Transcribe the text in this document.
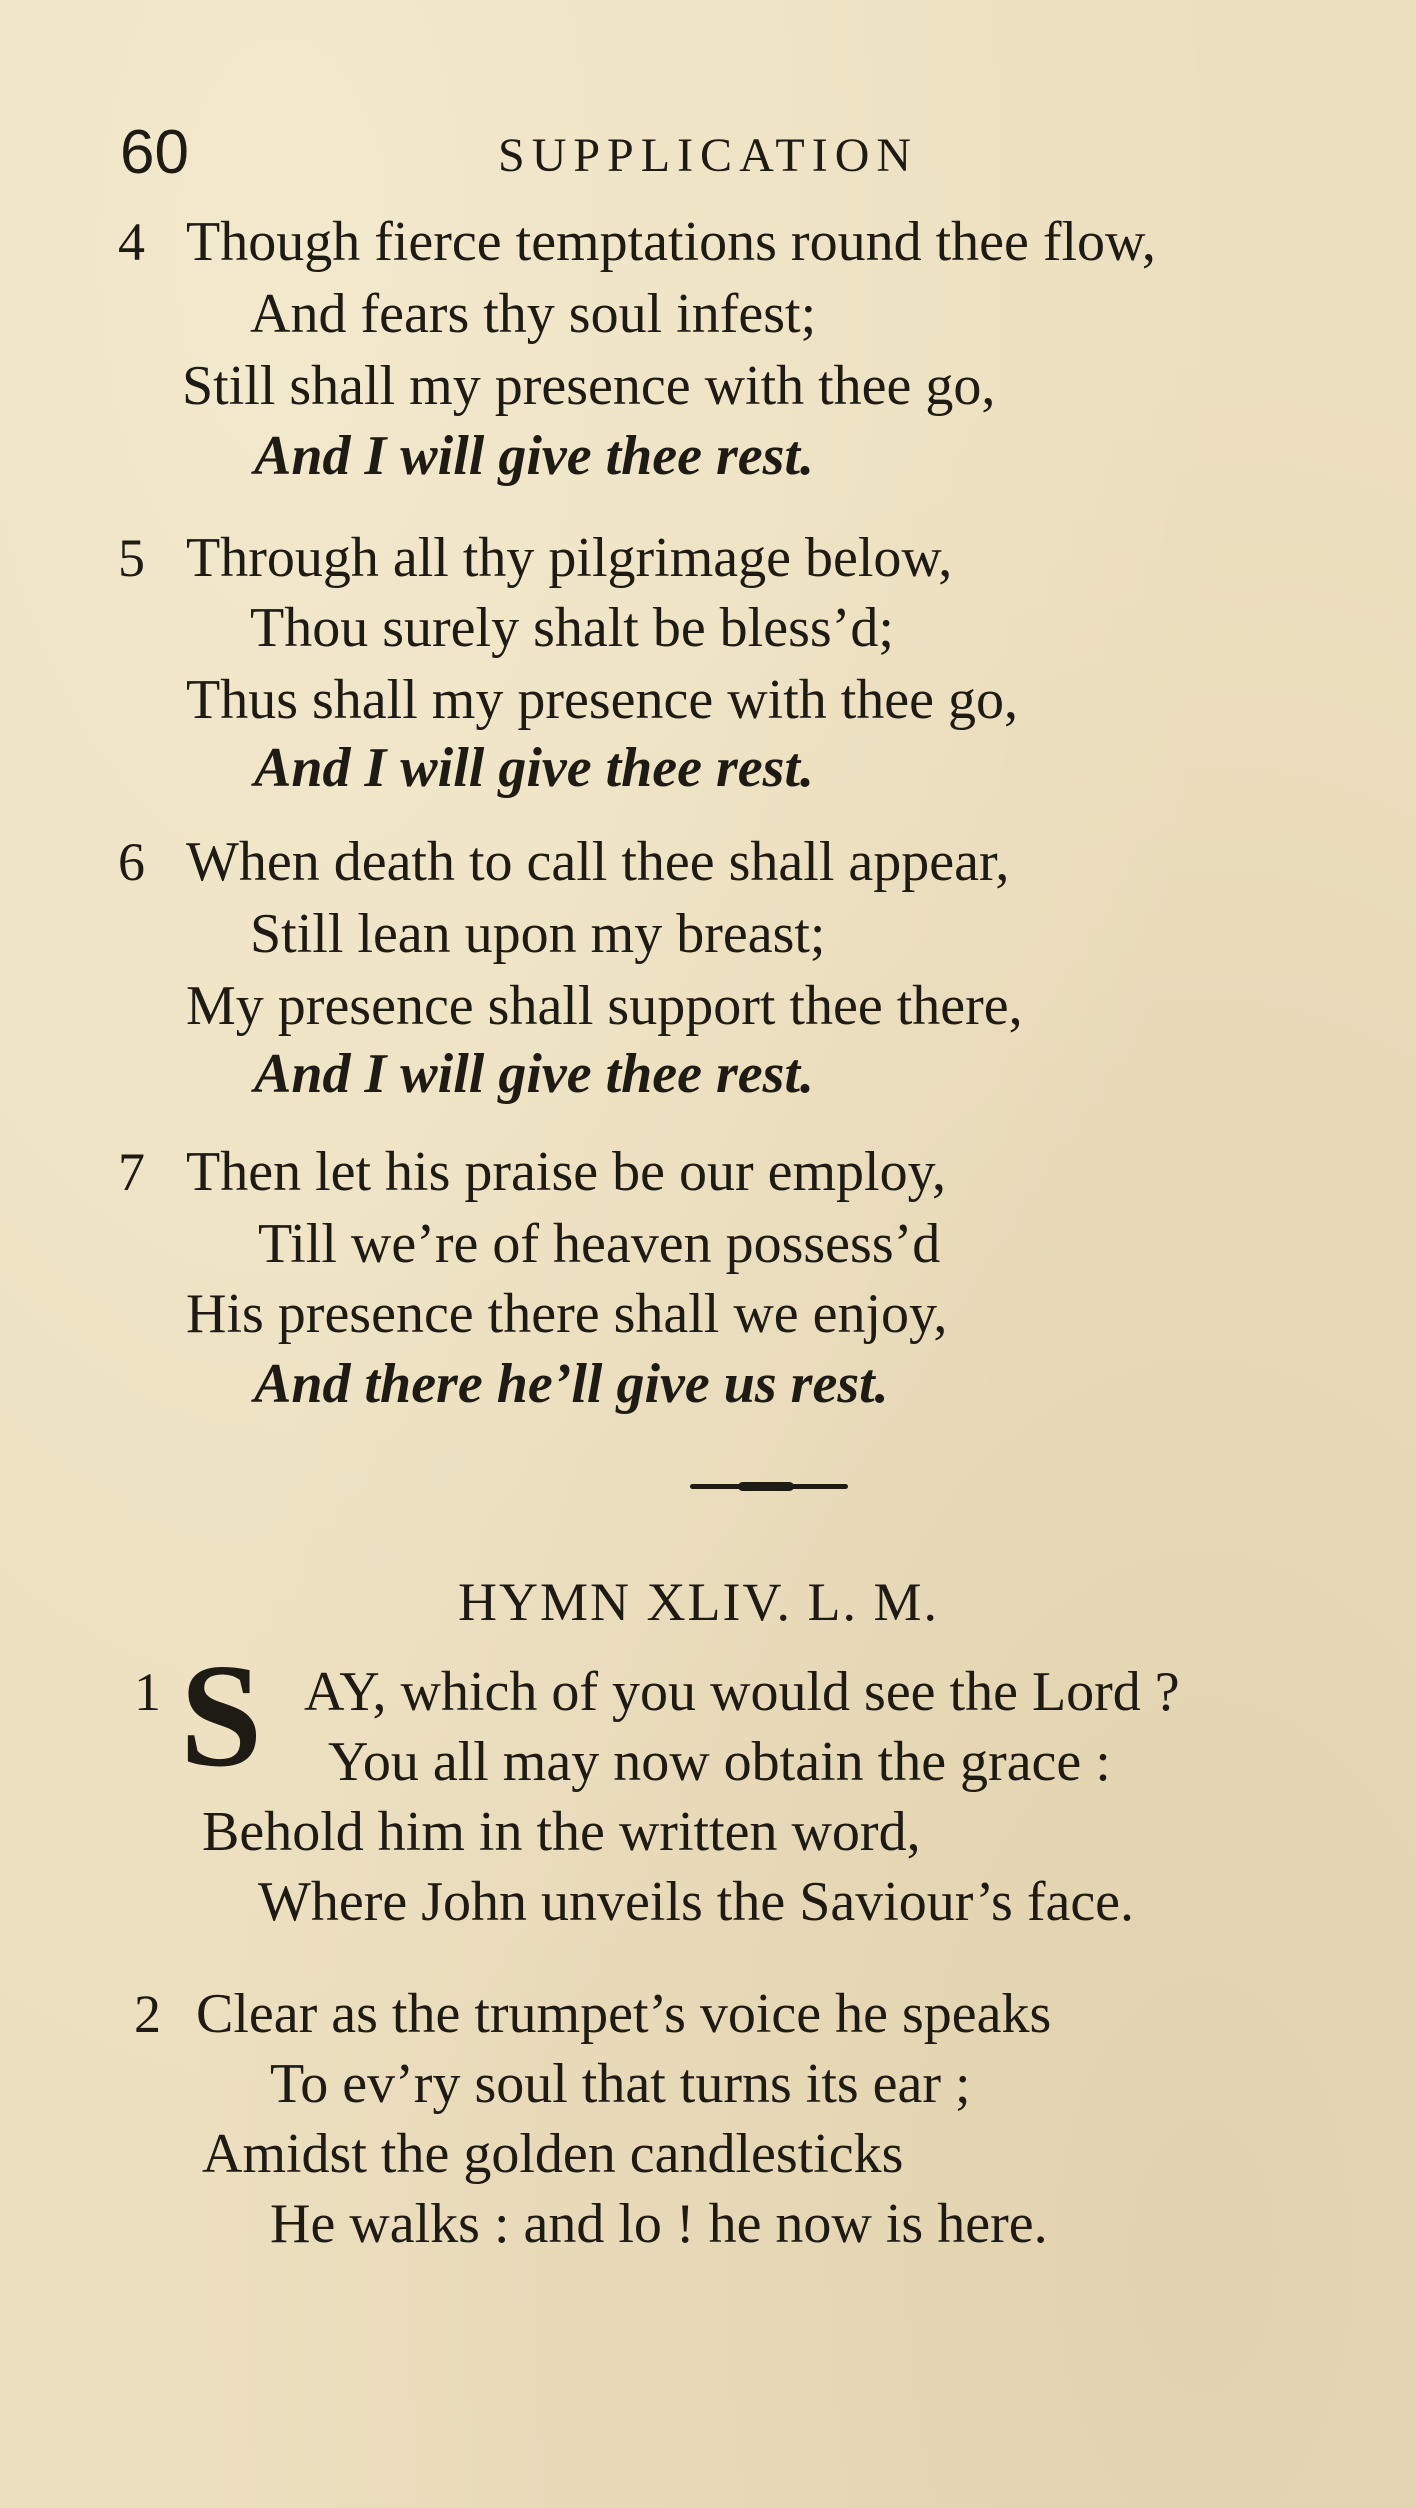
60	SUPPLICATION
4 Though fierce temptations round thee flow,
And fears thy soul infest;
Still shall my presence with thee go,
And I will give thee rest.
5 Through all thy pilgrimage below,
Thou surely shalt be bless’d;
Thus shall my presence with thee go,
And I will give thee rest.
6 When death to call thee shall appear,
Still lean upon my breast;
My presence shall support thee there,
And I will give thee rest.
7 Then let his praise be our employ,
Till we’re of heaven possess’d
His presence there shall we enjoy,
And there he’ll give us rest.
HYMN XLIV. L. M.
1 S AY, which of you would see the Lord ?
You all may now obtain the grace :
Behold him in the written word,
Where John unveils the Saviour’s face.
2 Clear as the trumpet’s voice he speaks
To ev’ry soul that turns its ear ;
Amidst the golden candlesticks
He walks : and lo ! he now is here.
